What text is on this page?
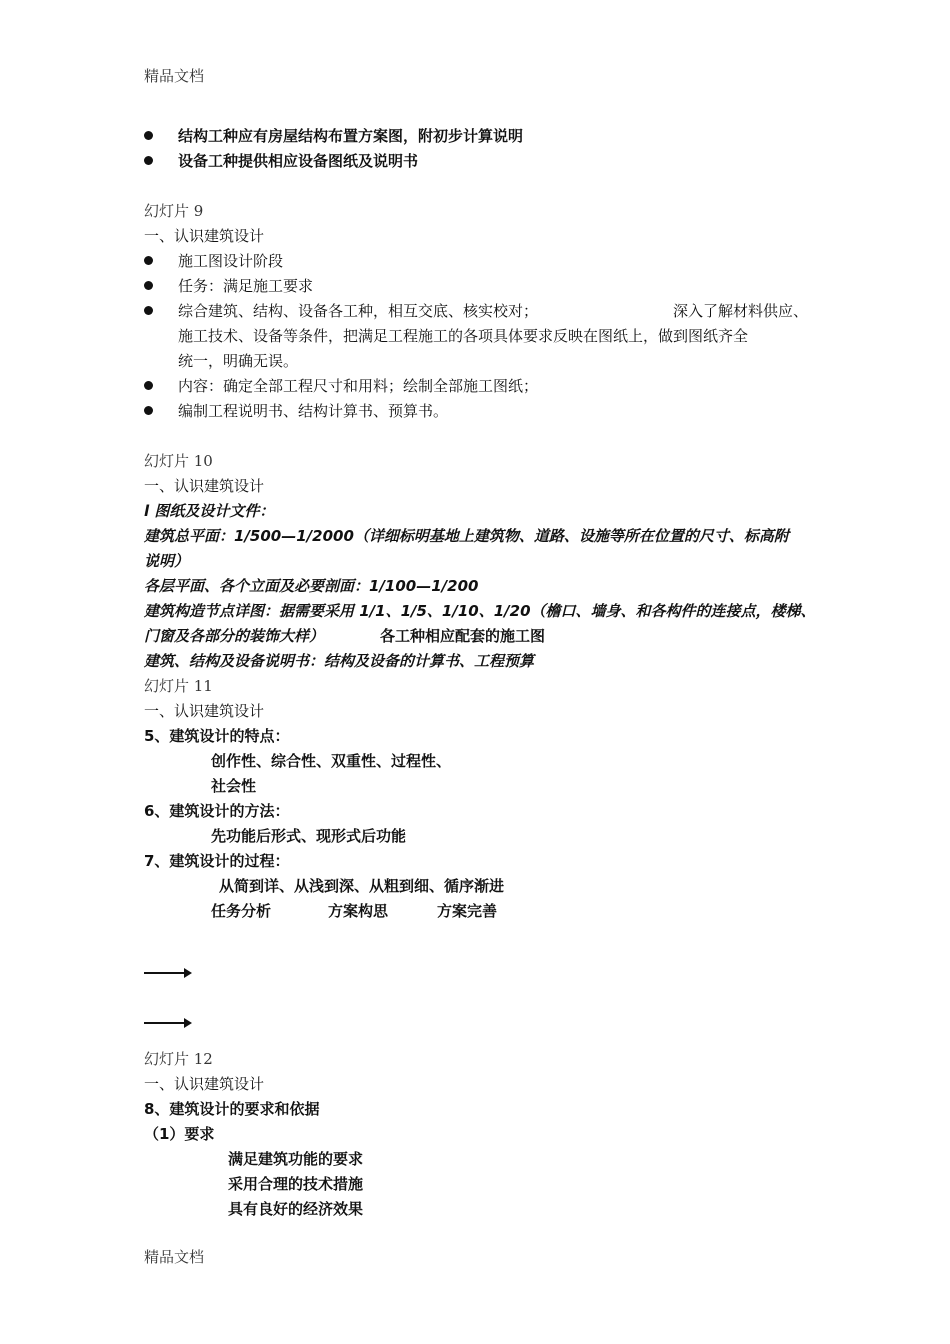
精品文档
结构工种应有房屋结构布置方案图，附初步计算说明
设备工种提供相应设备图纸及说明书
幻灯片 9
一、认识建筑设计
施工图设计阶段
任务：满足施工要求
综合建筑、结构、设备各工种，相互交底、核实校对；	深入了解材料供应、
施工技术、设备等条件，把满足工程施工的各项具体要求反映在图纸上，做到图纸齐全
统一，明确无误。
内容：确定全部工程尺寸和用料；绘制全部施工图纸；
编制工程说明书、结构计算书、预算书。
幻灯片 10
一、认识建筑设计
l 图纸及设计文件：
建筑总平面：1/500—1/2000（详细标明基地上建筑物、道路、设施等所在位置的尺寸、标高附
说明）
各层平面、各个立面及必要剖面：1/100—1/200
建筑构造节点详图：据需要采用 1/1、1/5、1/10、1/20（檐口、墙身、和各构件的连接点，楼梯、
门窗及各部分的装饰大样）	各工种相应配套的施工图
建筑、结构及设备说明书：结构及设备的计算书、工程预算
幻灯片 11
一、认识建筑设计
5、建筑设计的特点：
创作性、综合性、双重性、过程性、
社会性
6、建筑设计的方法：
先功能后形式、现形式后功能
7、建筑设计的过程：
从简到详、从浅到深、从粗到细、循序渐进
任务分析	方案构思	方案完善
幻灯片 12
一、认识建筑设计
8、建筑设计的要求和依据
（1）要求
满足建筑功能的要求
采用合理的技术措施
具有良好的经济效果
精品文档
